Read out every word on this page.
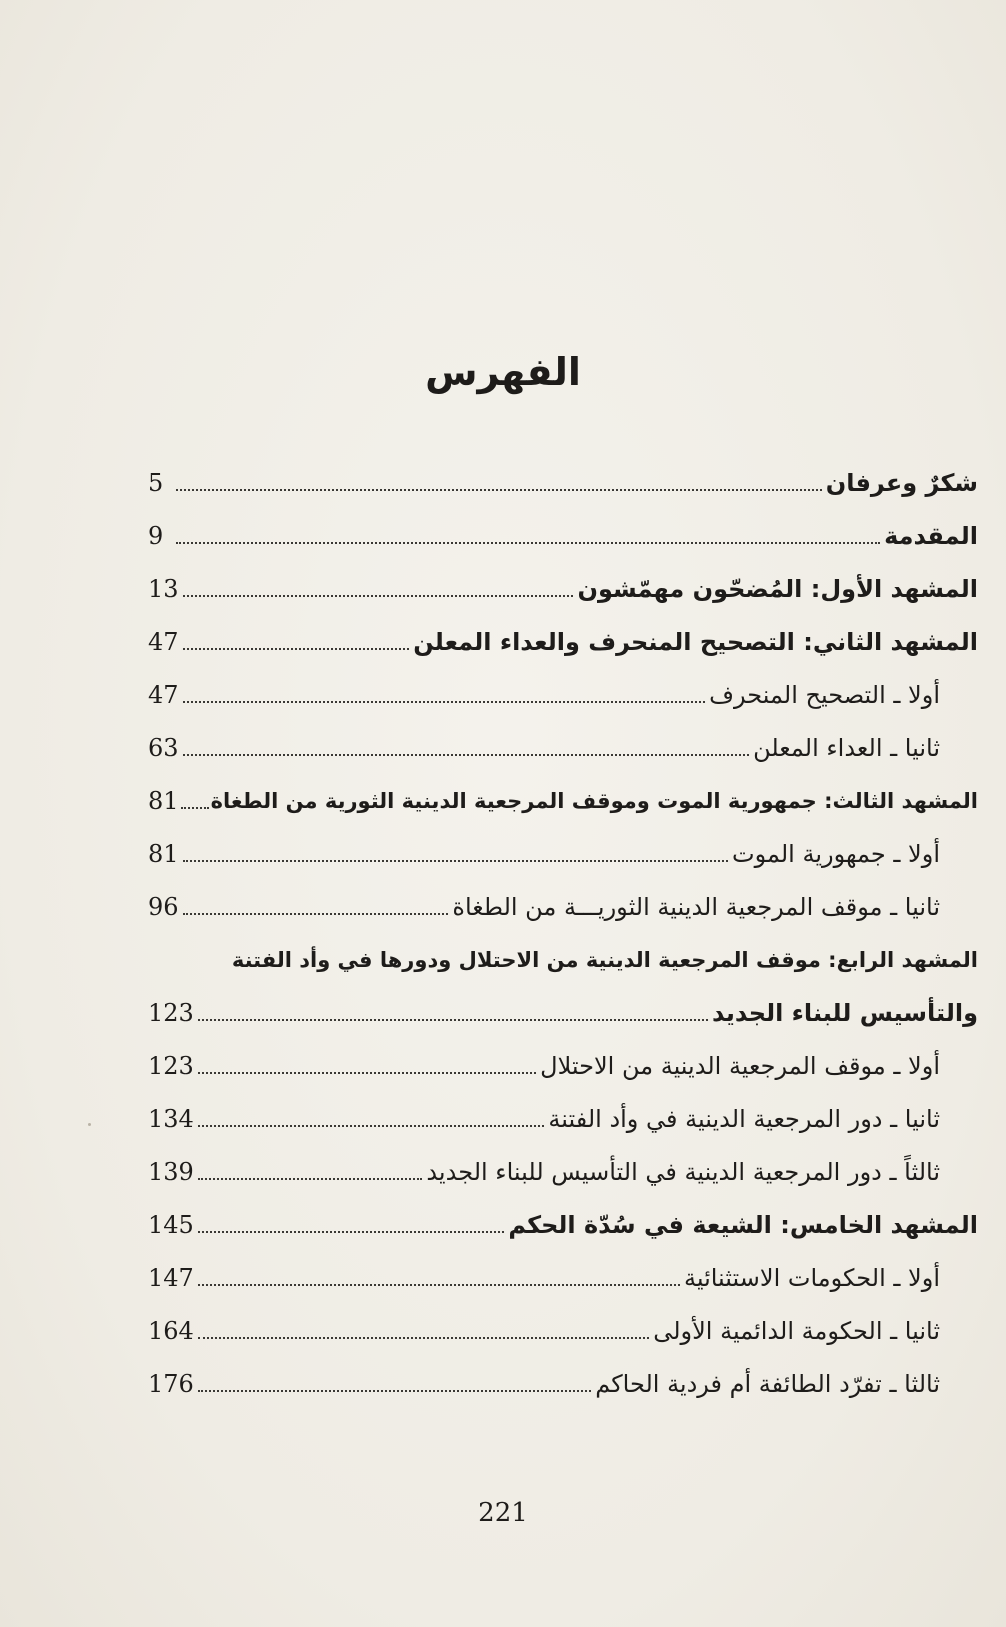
الفهرس
شكرٌ وعرفان
5
المقدمة
9
المشهد الأول: المُضحّون مهمّشون
13
المشهد الثاني: التصحيح المنحرف والعداء المعلن
47
أولا ـ التصحيح المنحرف
47
ثانيا ـ العداء المعلن
63
المشهد الثالث: جمهورية الموت وموقف المرجعية الدينية الثورية من الطغاة
81
أولا ـ جمهورية الموت
81
ثانيا ـ موقف المرجعية الدينية الثوريـــة من الطغاة
96
المشهد الرابع: موقف المرجعية الدينية من الاحتلال ودورها في وأد الفتنة
والتأسيس للبناء الجديد
123
أولا ـ موقف المرجعية الدينية من الاحتلال
123
ثانيا ـ دور المرجعية الدينية في وأد الفتنة
134
ثالثاً ـ دور المرجعية الدينية في التأسيس للبناء الجديد
139
المشهد الخامس: الشيعة في سُدّة الحكم
145
أولا ـ الحكومات الاستثنائية
147
ثانيا ـ الحكومة الدائمية الأولى
164
ثالثا ـ تفرّد الطائفة أم فردية الحاكم
176
221
